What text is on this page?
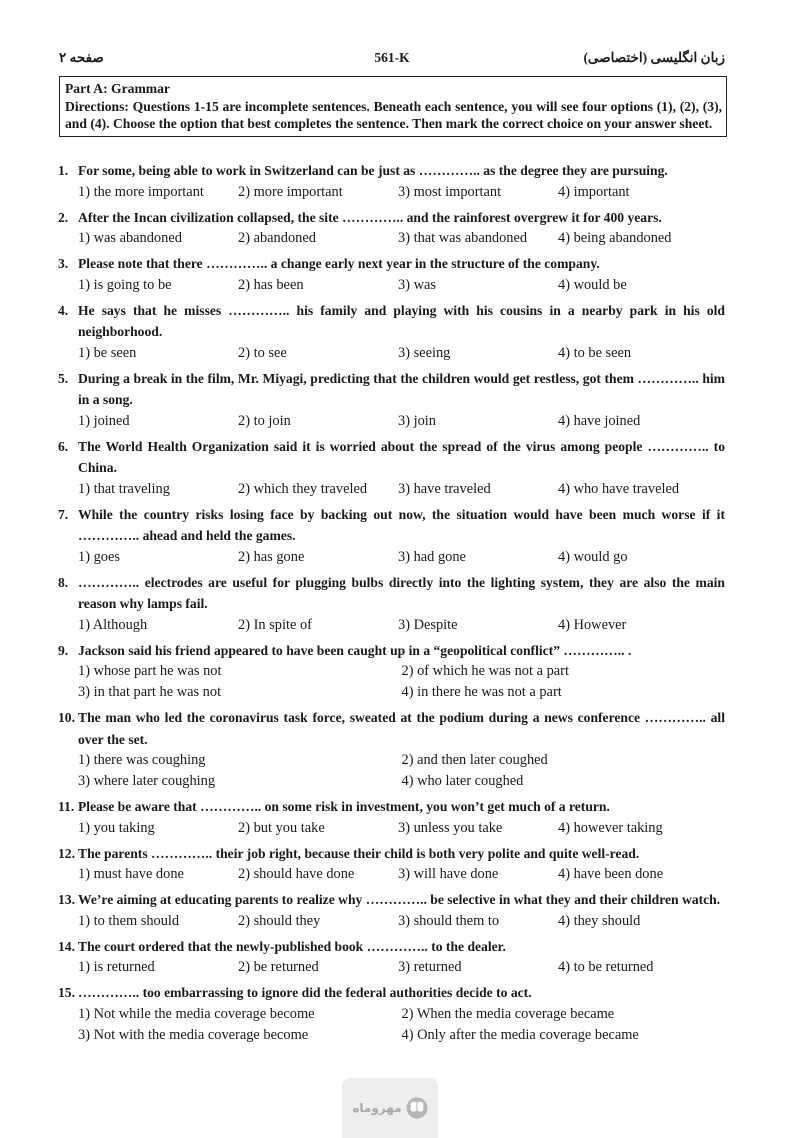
صفحه ۲	561-K	زبان انگلیسی (اختصاصی)
Part A: Grammar
Directions: Questions 1-15 are incomplete sentences. Beneath each sentence, you will see four options (1), (2), (3), and (4). Choose the option that best completes the sentence. Then mark the correct choice on your answer sheet.
1. For some, being able to work in Switzerland can be just as ………….. as the degree they are pursuing.
1) the more important	2) more important	3) most important	4) important
2. After the Incan civilization collapsed, the site ………….. and the rainforest overgrew it for 400 years.
1) was abandoned	2) abandoned	3) that was abandoned	4) being abandoned
3. Please note that there ………….. a change early next year in the structure of the company.
1) is going to be	2) has been	3) was	4) would be
4. He says that he misses ………….. his family and playing with his cousins in a nearby park in his old neighborhood.
1) be seen	2) to see	3) seeing	4) to be seen
5. During a break in the film, Mr. Miyagi, predicting that the children would get restless, got them ………….. him in a song.
1) joined	2) to join	3) join	4) have joined
6. The World Health Organization said it is worried about the spread of the virus among people ………….. to China.
1) that traveling	2) which they traveled	3) have traveled	4) who have traveled
7. While the country risks losing face by backing out now, the situation would have been much worse if it ………….. ahead and held the games.
1) goes	2) has gone	3) had gone	4) would go
8. ………….. electrodes are useful for plugging bulbs directly into the lighting system, they are also the main reason why lamps fail.
1) Although	2) In spite of	3) Despite	4) However
9. Jackson said his friend appeared to have been caught up in a “geopolitical conflict” ………….. .
1) whose part he was not	2) of which he was not a part
3) in that part he was not	4) in there he was not a part
10. The man who led the coronavirus task force, sweated at the podium during a news conference ………….. all over the set.
1) there was coughing	2) and then later coughed
3) where later coughing	4) who later coughed
11. Please be aware that ………….. on some risk in investment, you won’t get much of a return.
1) you taking	2) but you take	3) unless you take	4) however taking
12. The parents ………….. their job right, because their child is both very polite and quite well-read.
1) must have done	2) should have done	3) will have done	4) have been done
13. We’re aiming at educating parents to realize why ………….. be selective in what they and their children watch.
1) to them should	2) should they	3) should them to	4) they should
14. The court ordered that the newly-published book ………….. to the dealer.
1) is returned	2) be returned	3) returned	4) to be returned
15. ………….. too embarrassing to ignore did the federal authorities decide to act.
1) Not while the media coverage become	2) When the media coverage became
3) Not with the media coverage become	4) Only after the media coverage became
مهروماه
